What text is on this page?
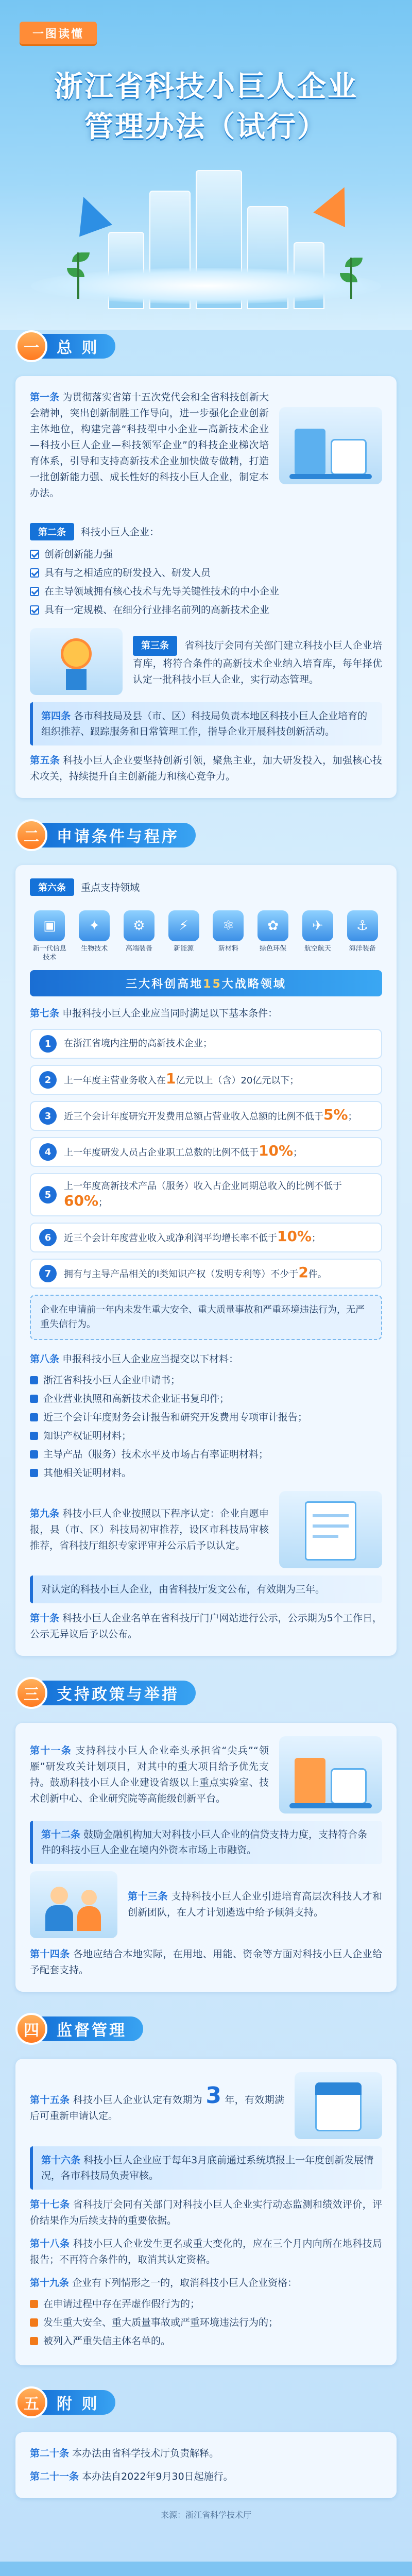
一图读懂
浙江省科技小巨人企业
管理办法（试行）
一	总 则
第一条 为贯彻落实省第十五次党代会和全省科技创新大会精神，突出创新制胜工作导向，进一步强化企业创新主体地位，构建完善“科技型中小企业—高新技术企业—科技小巨人企业—科技领军企业”的科技企业梯次培育体系，引导和支持高新技术企业加快做专做精，打造一批创新能力强、成长性好的科技小巨人企业，制定本办法。
第二条 科技小巨人企业：
创新创新能力强
具有与之相适应的研发投入、研发人员
在主导领域拥有核心技术与先导关键性技术的中小企业
具有一定规模、在细分行业排名前列的高新技术企业
第三条 省科技厅会同有关部门建立科技小巨人企业培育库，将符合条件的高新技术企业纳入培育库，每年择优认定一批科技小巨人企业，实行动态管理。
第四条 各市科技局及县（市、区）科技局负责本地区科技小巨人企业培育的组织推荐、跟踪服务和日常管理工作，指导企业开展科技创新活动。
第五条 科技小巨人企业要坚持创新引领，聚焦主业，加大研发投入，加强核心技术攻关，持续提升自主创新能力和核心竞争力。
二	申请条件与程序
第六条 重点支持领域
▣
新一代信息技术
✦
生物技术
⚙
高端装备
⚡
新能源
⚛
新材料
✿
绿色环保
✈
航空航天
⚓
海洋装备
三大科创高地15大战略领域
第七条 申报科技小巨人企业应当同时满足以下基本条件：
1	在浙江省境内注册的高新技术企业；
2	上一年度主营业务收入在1亿元以上（含）20亿元以下；
3	近三个会计年度研究开发费用总额占营业收入总额的比例不低于5%；
4	上一年度研发人员占企业职工总数的比例不低于10%；
5
上一年度高新技术产品（服务）收入占企业同期总收入的比例不低于60%；
6	近三个会计年度营业收入或净利润平均增长率不低于10%；
7	拥有与主导产品相关的I类知识产权（发明专利等）不少于2件。
企业在申请前一年内未发生重大安全、重大质量事故和严重环境违法行为，无严重失信行为。
第八条 申报科技小巨人企业应当提交以下材料：
浙江省科技小巨人企业申请书；
企业营业执照和高新技术企业证书复印件；
近三个会计年度财务会计报告和研究开发费用专项审计报告；
知识产权证明材料；
主导产品（服务）技术水平及市场占有率证明材料；
其他相关证明材料。
第九条 科技小巨人企业按照以下程序认定：企业自愿申报，县（市、区）科技局初审推荐，设区市科技局审核推荐，省科技厅组织专家评审并公示后予以认定。
对认定的科技小巨人企业，由省科技厅发文公布，有效期为三年。
第十条 科技小巨人企业名单在省科技厅门户网站进行公示，公示期为5个工作日，公示无异议后予以公布。
三	支持政策与举措
第十一条 支持科技小巨人企业牵头承担省“尖兵”“领雁”研发攻关计划项目，对其中的重大项目给予优先支持。鼓励科技小巨人企业建设省级以上重点实验室、技术创新中心、企业研究院等高能级创新平台。
第十二条 鼓励金融机构加大对科技小巨人企业的信贷支持力度，支持符合条件的科技小巨人企业在境内外资本市场上市融资。
第十三条 支持科技小巨人企业引进培育高层次科技人才和创新团队，在人才计划遴选中给予倾斜支持。
第十四条 各地应结合本地实际，在用地、用能、资金等方面对科技小巨人企业给予配套支持。
四	监督管理
第十五条 科技小巨人企业认定有效期为 3 年，有效期满后可重新申请认定。
第十六条 科技小巨人企业应于每年3月底前通过系统填报上一年度创新发展情况，各市科技局负责审核。
第十七条 省科技厅会同有关部门对科技小巨人企业实行动态监测和绩效评价，评价结果作为后续支持的重要依据。
第十八条 科技小巨人企业发生更名或重大变化的，应在三个月内向所在地科技局报告；不再符合条件的，取消其认定资格。
第十九条 企业有下列情形之一的，取消科技小巨人企业资格：
在申请过程中存在弄虚作假行为的；
发生重大安全、重大质量事故或严重环境违法行为的；
被列入严重失信主体名单的。
五	附 则
第二十条 本办法由省科学技术厅负责解释。
第二十一条 本办法自2022年9月30日起施行。
来源：浙江省科学技术厅
